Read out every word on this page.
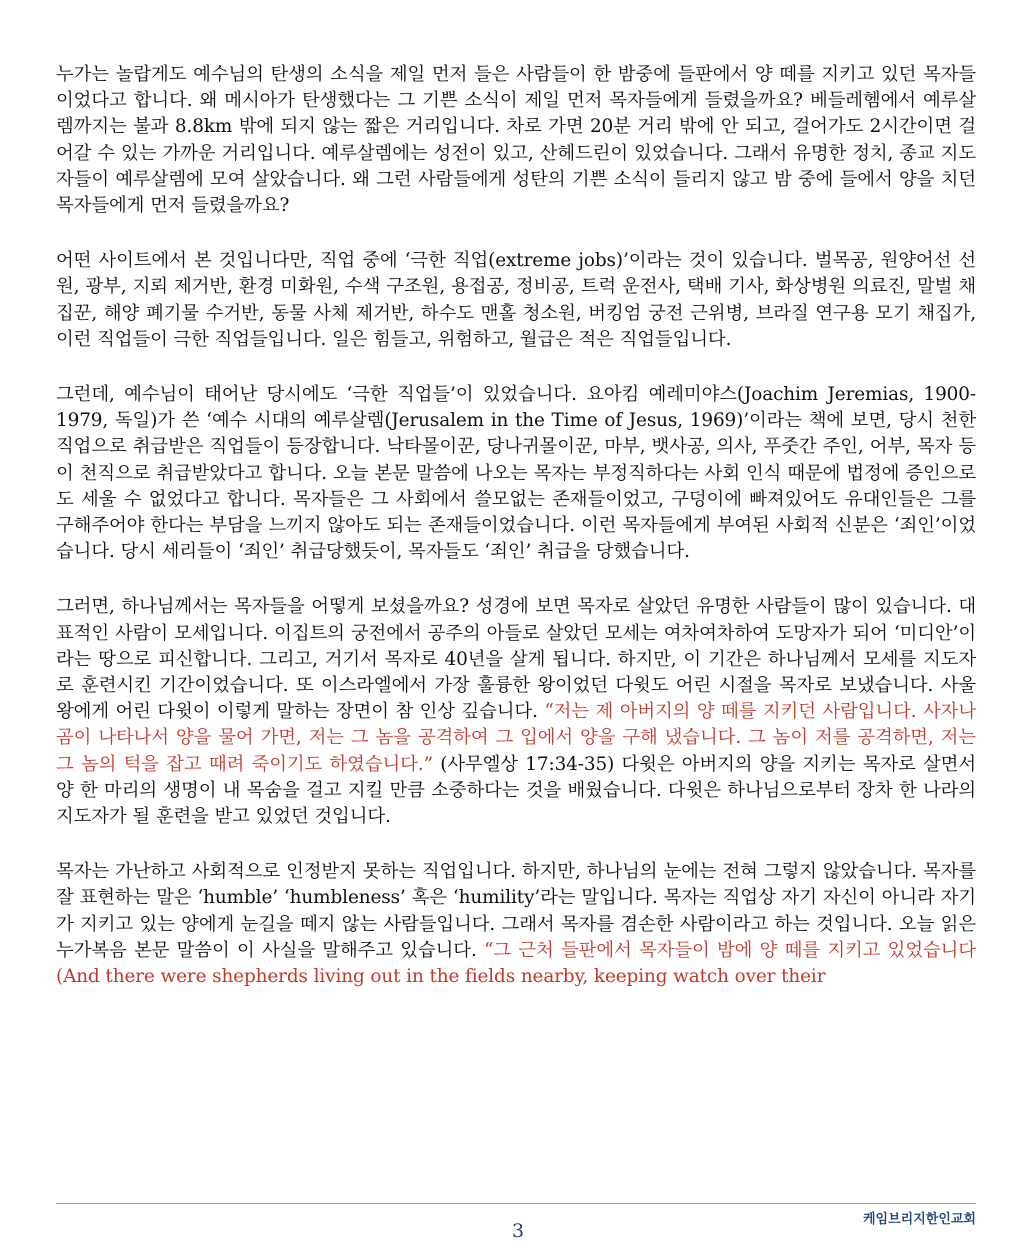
누가는 놀랍게도 예수님의 탄생의 소식을 제일 먼저 들은 사람들이 한 밤중에 들판에서 양 떼를 지키고 있던 목자들이었다고 합니다. 왜 메시아가 탄생했다는 그 기쁜 소식이 제일 먼저 목자들에게 들렸을까요? 베들레헴에서 예루살렘까지는 불과 8.8km 밖에 되지 않는 짧은 거리입니다. 차로 가면 20분 거리 밖에 안 되고, 걸어가도 2시간이면 걸어갈 수 있는 가까운 거리입니다. 예루살렘에는 성전이 있고, 산헤드린이 있었습니다. 그래서 유명한 정치, 종교 지도자들이 예루살렘에 모여 살았습니다. 왜 그런 사람들에게 성탄의 기쁜 소식이 들리지 않고 밤 중에 들에서 양을 치던 목자들에게 먼저 들렸을까요?

어떤 사이트에서 본 것입니다만, 직업 중에 ‘극한 직업(extreme jobs)’이라는 것이 있습니다. 벌목공, 원양어선 선원, 광부, 지뢰 제거반, 환경 미화원, 수색 구조원, 용접공, 정비공, 트럭 운전사, 택배 기사, 화상병원 의료진, 말벌 채집꾼, 해양 폐기물 수거반, 동물 사체 제거반, 하수도 맨홀 청소원, 버킹엄 궁전 근위병, 브라질 연구용 모기 채집가, 이런 직업들이 극한 직업들입니다. 일은 힘들고, 위험하고, 월급은 적은 직업들입니다.

그런데, 예수님이 태어난 당시에도 ‘극한 직업들’이 있었습니다. 요아킴 예레미야스(Joachim Jeremias, 1900-1979, 독일)가 쓴 ‘예수 시대의 예루살렘(Jerusalem in the Time of Jesus, 1969)’이라는 책에 보면, 당시 천한 직업으로 취급받은 직업들이 등장합니다. 낙타몰이꾼, 당나귀몰이꾼, 마부, 뱃사공, 의사, 푸줏간 주인, 어부, 목자 등이 천직으로 취급받았다고 합니다. 오늘 본문 말씀에 나오는 목자는 부정직하다는 사회 인식 때문에 법정에 증인으로도 세울 수 없었다고 합니다. 목자들은 그 사회에서 쓸모없는 존재들이었고, 구덩이에 빠져있어도 유대인들은 그를 구해주어야 한다는 부담을 느끼지 않아도 되는 존재들이었습니다. 이런 목자들에게 부여된 사회적 신분은 ‘죄인’이었습니다. 당시 세리들이 ‘죄인’ 취급당했듯이, 목자들도 ‘죄인’ 취급을 당했습니다.

그러면, 하나님께서는 목자들을 어떻게 보셨을까요? 성경에 보면 목자로 살았던 유명한 사람들이 많이 있습니다. 대표적인 사람이 모세입니다. 이집트의 궁전에서 공주의 아들로 살았던 모세는 여차여차하여 도망자가 되어 ‘미디안’이라는 땅으로 피신합니다. 그리고, 거기서 목자로 40년을 살게 됩니다. 하지만, 이 기간은 하나님께서 모세를 지도자로 훈련시킨 기간이었습니다. 또 이스라엘에서 가장 훌륭한 왕이었던 다윗도 어린 시절을 목자로 보냈습니다. 사울 왕에게 어린 다윗이 이렇게 말하는 장면이 참 인상 깊습니다. “저는 제 아버지의 양 떼를 지키던 사람입니다. 사자나 곰이 나타나서 양을 물어 가면, 저는 그 놈을 공격하여 그 입에서 양을 구해 냈습니다. 그 놈이 저를 공격하면, 저는 그 놈의 턱을 잡고 때려 죽이기도 하였습니다.” (사무엘상 17:34-35) 다윗은 아버지의 양을 지키는 목자로 살면서 양 한 마리의 생명이 내 목숨을 걸고 지킬 만큼 소중하다는 것을 배웠습니다. 다윗은 하나님으로부터 장차 한 나라의 지도자가 될 훈련을 받고 있었던 것입니다.

목자는 가난하고 사회적으로 인정받지 못하는 직업입니다. 하지만, 하나님의 눈에는 전혀 그렇지 않았습니다. 목자를 잘 표현하는 말은 ‘humble’ ‘humbleness’ 혹은 ‘humility’라는 말입니다. 목자는 직업상 자기 자신이 아니라 자기가 지키고 있는 양에게 눈길을 떼지 않는 사람들입니다. 그래서 목자를 겸손한 사람이라고 하는 것입니다. 오늘 읽은 누가복음 본문 말씀이 이 사실을 말해주고 있습니다. “그 근처 들판에서 목자들이 밤에 양 떼를 지키고 있었습니다(And there were shepherds living out in the fields nearby, keeping watch over their

케임브리지한인교회
3
